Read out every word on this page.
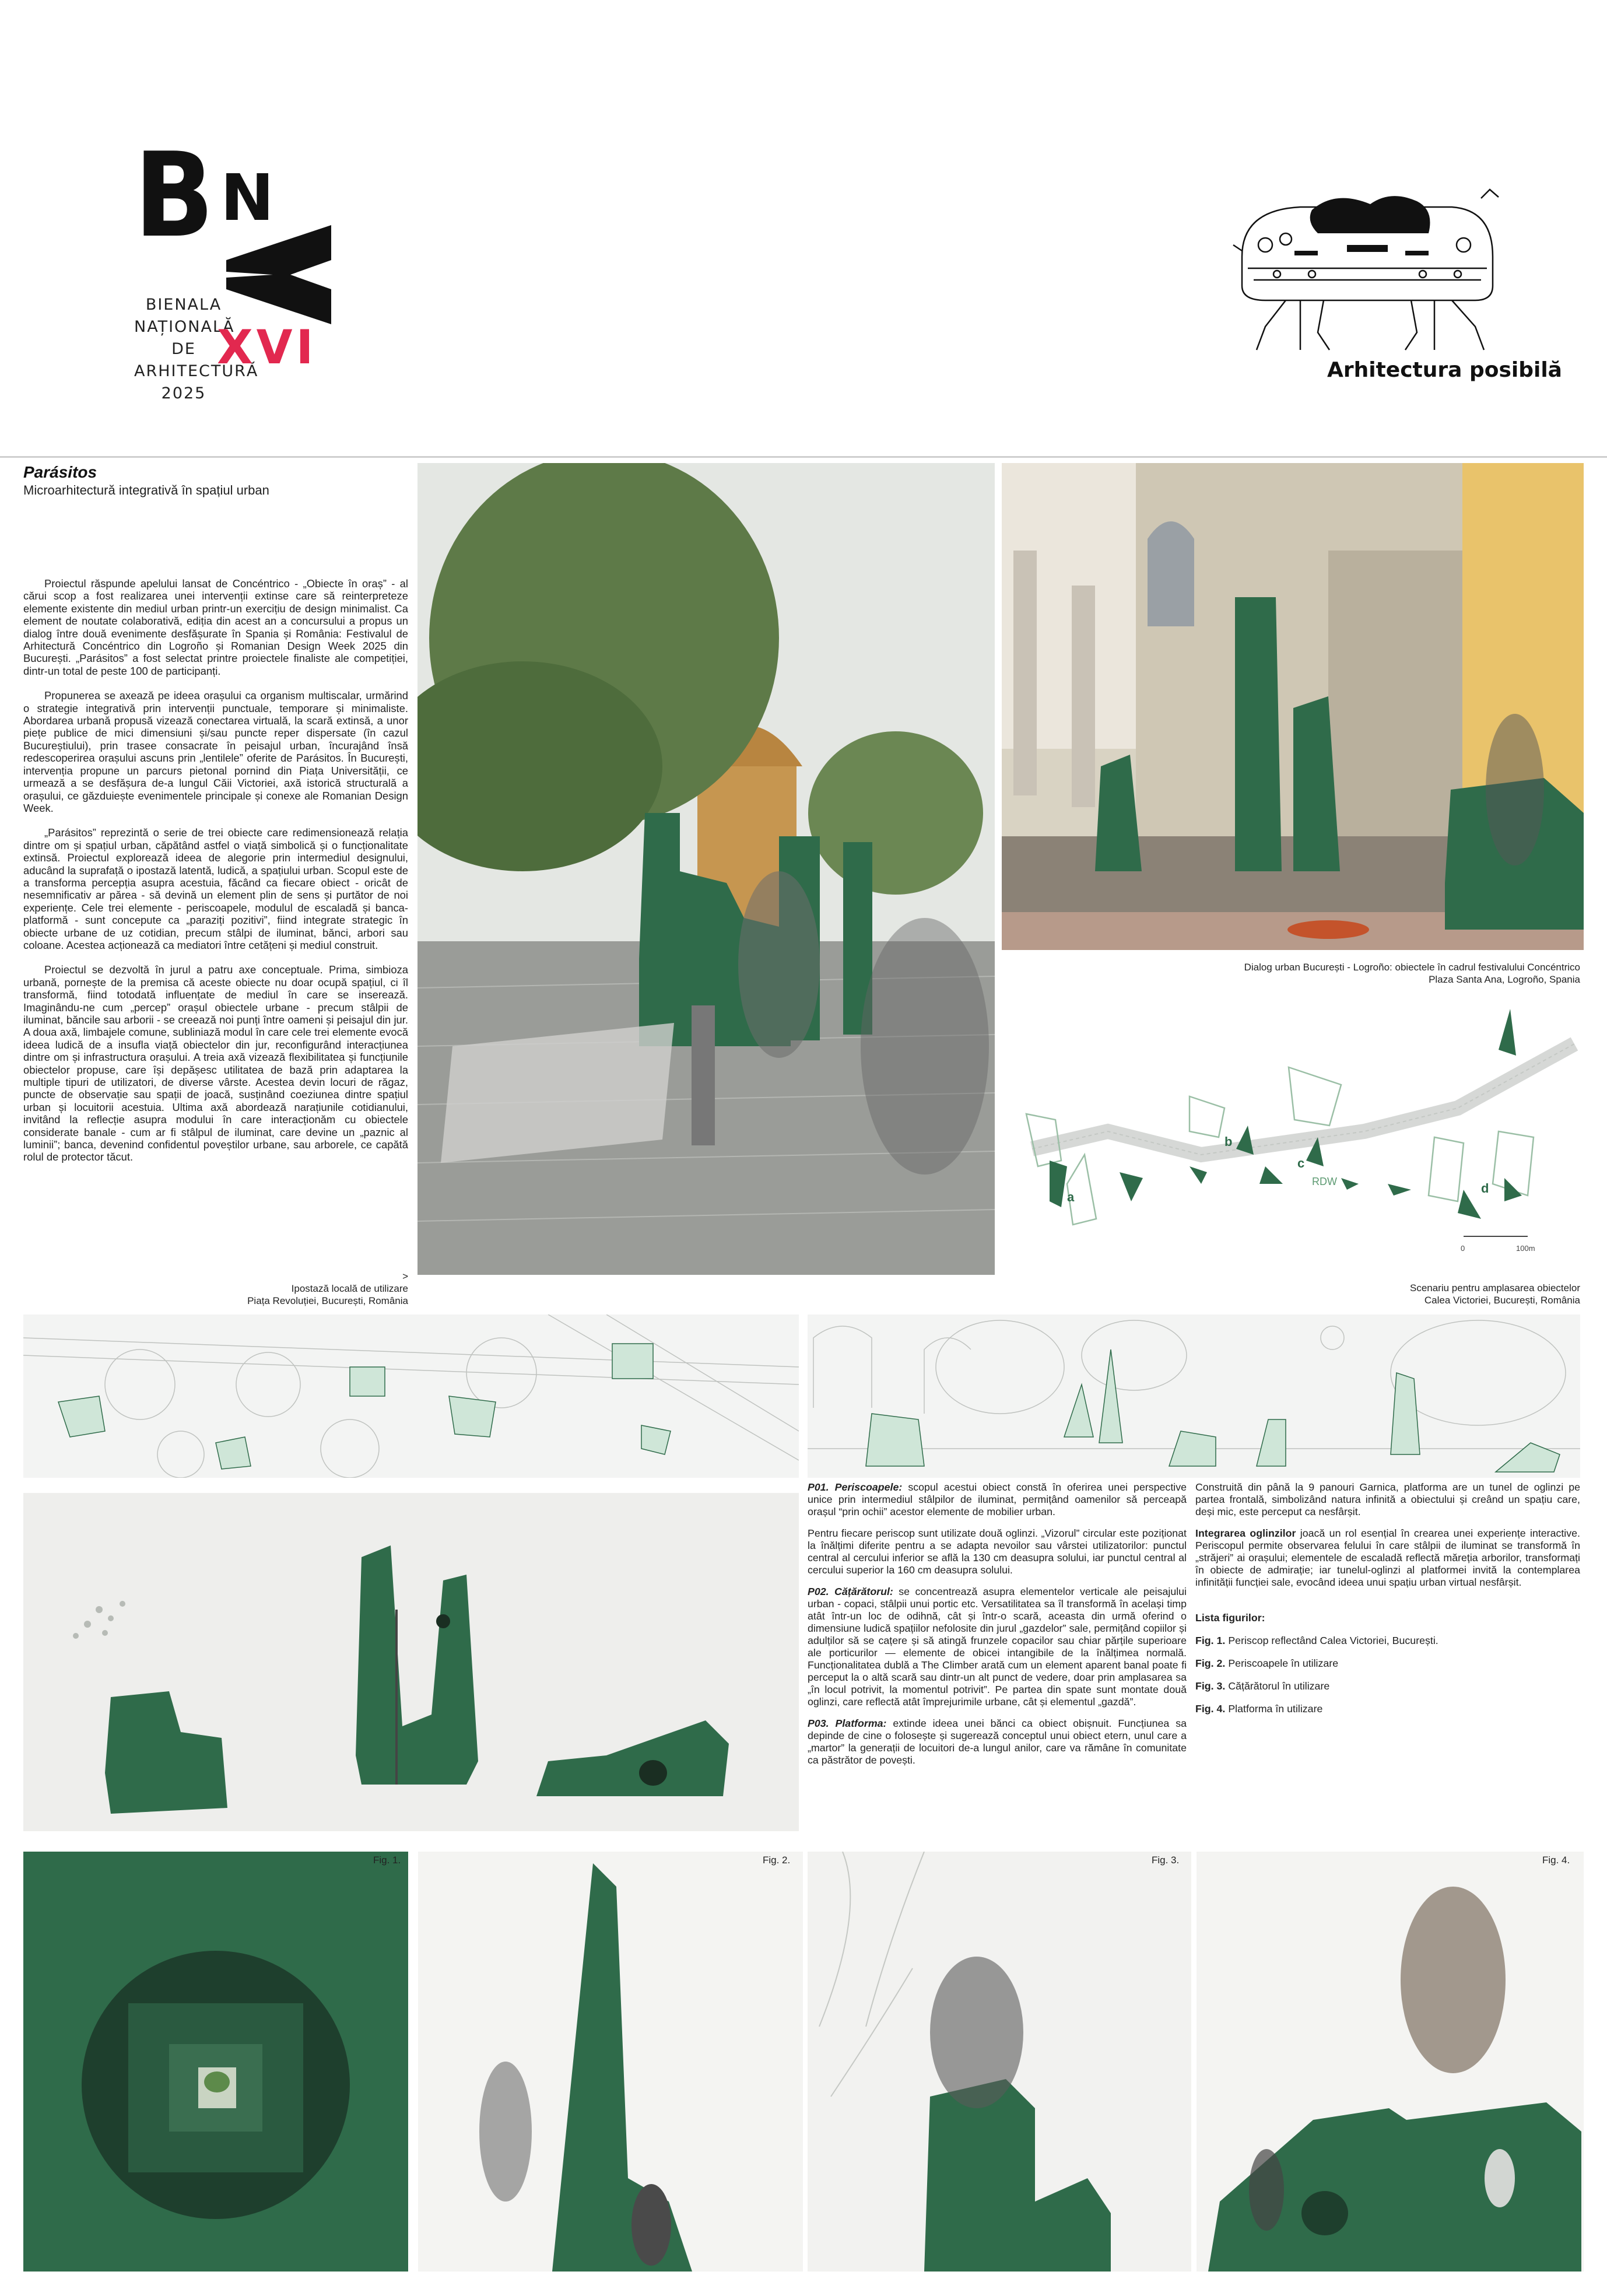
B N
BIENALA
NAȚIONALĂ
DE
ARHITECTURĂ
2025
XVI	Arhitectura posibilă
Parásitos
Microarhitectură integrativă în spațiul urban

Proiectul răspunde apelului lansat de Concéntrico - „Obiecte în oraș” - al cărui scop a fost realizarea unei intervenții extinse care să reinterpreteze elemente existente din mediul urban printr-un exercițiu de design minimalist. Ca element de noutate colaborativă, ediția din acest an a concursului a propus un dialog între două evenimente desfășurate în Spania și România: Festivalul de Arhitectură Concéntrico din Logroño și Romanian Design Week 2025 din București. „Parásitos” a fost selectat printre proiectele finaliste ale competiției, dintr-un total de peste 100 de participanți.

Propunerea se axează pe ideea orașului ca organism multiscalar, urmărind o strategie integrativă prin intervenții punctuale, temporare și minimaliste. Abordarea urbană propusă vizează conectarea virtuală, la scară extinsă, a unor piețe publice de mici dimensiuni și/sau puncte reper dispersate (în cazul Bucureștiului), prin trasee consacrate în peisajul urban, încurajând însă redescoperirea orașului ascuns prin „lentilele” oferite de Parásitos. În București, intervenția propune un parcurs pietonal pornind din Piața Universității, ce urmează a se desfășura de-a lungul Căii Victoriei, axă istorică structurală a orașului, ce găzduiește evenimentele principale și conexe ale Romanian Design Week.

„Parásitos” reprezintă o serie de trei obiecte care redimensionează relația dintre om și spațiul urban, căpătând astfel o viață simbolică și o funcționalitate extinsă. Proiectul explorează ideea de alegorie prin intermediul designului, aducând la suprafață o ipostază latentă, ludică, a spațiului urban. Scopul este de a transforma percepția asupra acestuia, făcând ca fiecare obiect - oricât de nesemnificativ ar părea - să devină un element plin de sens și purtător de noi experiențe. Cele trei elemente - periscoapele, modulul de escaladă și banca-platformă - sunt concepute ca „paraziți pozitivi”, fiind integrate strategic în obiecte urbane de uz cotidian, precum stâlpi de iluminat, bănci, arbori sau coloane. Acestea acționează ca mediatori între cetățeni și mediul construit.

Proiectul se dezvoltă în jurul a patru axe conceptuale. Prima, simbioza urbană, pornește de la premisa că aceste obiecte nu doar ocupă spațiul, ci îl transformă, fiind totodată influențate de mediul în care se inserează. Imaginându-ne cum „percep” orașul obiectele urbane - precum stâlpii de iluminat, băncile sau arborii - se creează noi punți între oameni și peisajul din jur. A doua axă, limbajele comune, subliniază modul în care cele trei elemente evocă ideea ludică de a insufla viață obiectelor din jur, reconfigurând interacțiunea dintre om și infrastructura orașului. A treia axă vizează flexibilitatea și funcțiunile obiectelor propuse, care își depășesc utilitatea de bază prin adaptarea la multiple tipuri de utilizatori, de diverse vârste. Acestea devin locuri de răgaz, puncte de observație sau spații de joacă, susținând coeziunea dintre spațiul urban și locuitorii acestuia. Ultima axă abordează narațiunile cotidianului, invitând la reflecție asupra modului în care interacționăm cu obiectele considerate banale - cum ar fi stâlpul de iluminat, care devine un „paznic al luminii”; banca, devenind confidentul poveștilor urbane, sau arborele, ce capătă rolul de protector tăcut.

>
Ipostază locală de utilizare
Piața Revoluției, București, România
Dialog urban București - Logroño: obiectele în cadrul festivalului Concéntrico
Plaza Santa Ana, Logroño, Spania
a
b
c
d
RDW
0	100m
Scenariu pentru amplasarea obiectelor
Calea Victoriei, București, România

P01. Periscoapele: scopul acestui obiect constă în oferirea unei perspective unice prin intermediul stâlpilor de iluminat, permițând oamenilor să perceapă orașul “prin ochii” acestor elemente de mobilier urban.

Pentru fiecare periscop sunt utilizate două oglinzi. „Vizorul” circular este poziționat la înălțimi diferite pentru a se adapta nevoilor sau vârstei utilizatorilor: punctul central al cercului inferior se află la 130 cm deasupra solului, iar punctul central al cercului superior la 160 cm deasupra solului.

P02. Cățărătorul: se concentrează asupra elementelor verticale ale peisajului urban - copaci, stâlpii unui portic etc. Versatilitatea sa îl transformă în același timp atât într-un loc de odihnă, cât și într-o scară, aceasta din urmă oferind o dimensiune ludică spațiilor nefolosite din jurul „gazdelor” sale, permițând copiilor și adulților să se cațere și să atingă frunzele copacilor sau chiar părțile superioare ale porticurilor — elemente de obicei intangibile de la înălțimea normală. Funcționalitatea dublă a The Climber arată cum un element aparent banal poate fi perceput la o altă scară sau dintr-un alt punct de vedere, doar prin amplasarea sa „în locul potrivit, la momentul potrivit”. Pe partea din spate sunt montate două oglinzi, care reflectă atât împrejurimile urbane, cât și elementul „gazdă”.

P03. Platforma: extinde ideea unei bănci ca obiect obișnuit. Funcțiunea sa depinde de cine o folosește și sugerează conceptul unui obiect etern, unul care a „martor” la generații de locuitori de-a lungul anilor, care va rămâne în comunitate ca păstrător de povești.

Construită din până la 9 panouri Garnica, platforma are un tunel de oglinzi pe partea frontală, simbolizând natura infinită a obiectului și creând un spațiu care, deși mic, este perceput ca nesfârșit.

Integrarea oglinzilor joacă un rol esențial în crearea unei experiențe interactive. Periscopul permite observarea felului în care stâlpii de iluminat se transformă în „străjeri” ai orașului; elementele de escaladă reflectă măreția arborilor, transformați în obiecte de admirație; iar tunelul-oglinzi al platformei invită la contemplarea infinității funcției sale, evocând ideea unui spațiu urban virtual nesfârșit.

Lista figurilor:
Fig. 1. Periscop reflectând Calea Victoriei, București.
Fig. 2. Periscoapele în utilizare
Fig. 3. Cățărătorul în utilizare
Fig. 4. Platforma în utilizare
Fig. 1.	Fig. 2.	Fig. 3.	Fig. 4.
